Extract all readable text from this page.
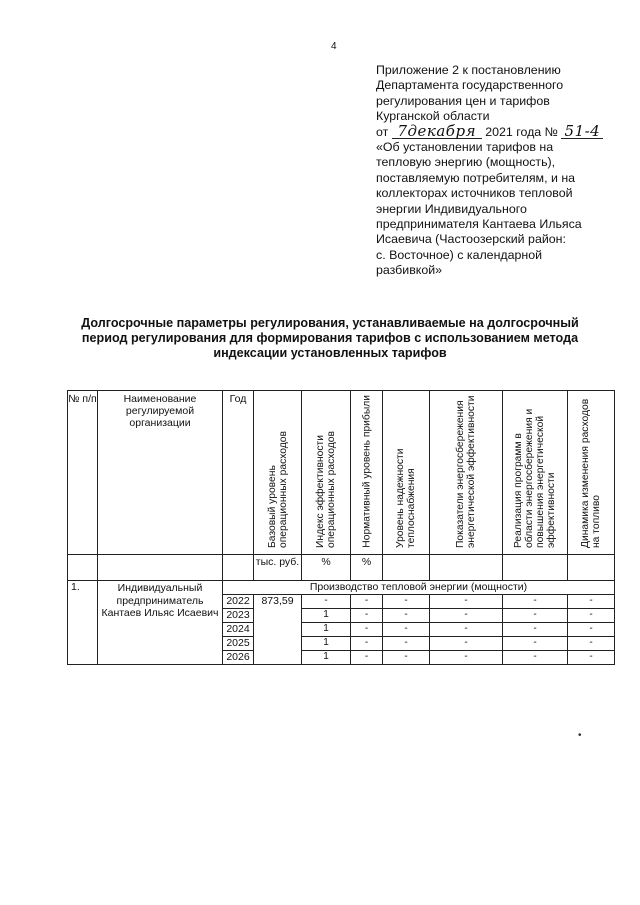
4
Приложение 2 к постановлению
Департамента государственного
регулирования цен и тарифов
Курганской области
от 7декабря 2021 года № 51-4
«Об установлении тарифов на
тепловую энергию (мощность),
поставляемую потребителям, и на
коллекторах источников тепловой
энергии Индивидуального
предпринимателя Кантаева Ильяса
Исаевича (Частоозерский район:
с. Восточное) с календарной
разбивкой»
Долгосрочные параметры регулирования, устанавливаемые на долгосрочный
период регулирования для формирования тарифов с использованием метода
индексации установленных тарифов
№ п/п	Наименование регулируемой организации	Год	Базовый уровень операционных расходов	Индекс эффективности операционных расходов	Нормативный уровень прибыли	Уровень надежности теплоснабжения	Показатели энергосбережения энергетической эффективности	Реализация программ в области энергосбережения и повышения энергетической эффективности	Динамика изменения расходов на топливо

			тыс. руб.	%	%				
1.	Индивидуальный предприниматель Кантаев Ильяс Исаевич	Производство тепловой энергии (мощности)							
		2022	873,59	-	-	-	-	-	-
		2023		1	-	-	-	-	-
		2024		1	-	-	-	-	-
		2025		1	-	-	-	-	-
		2026		1	-	-	-	-	-
•
